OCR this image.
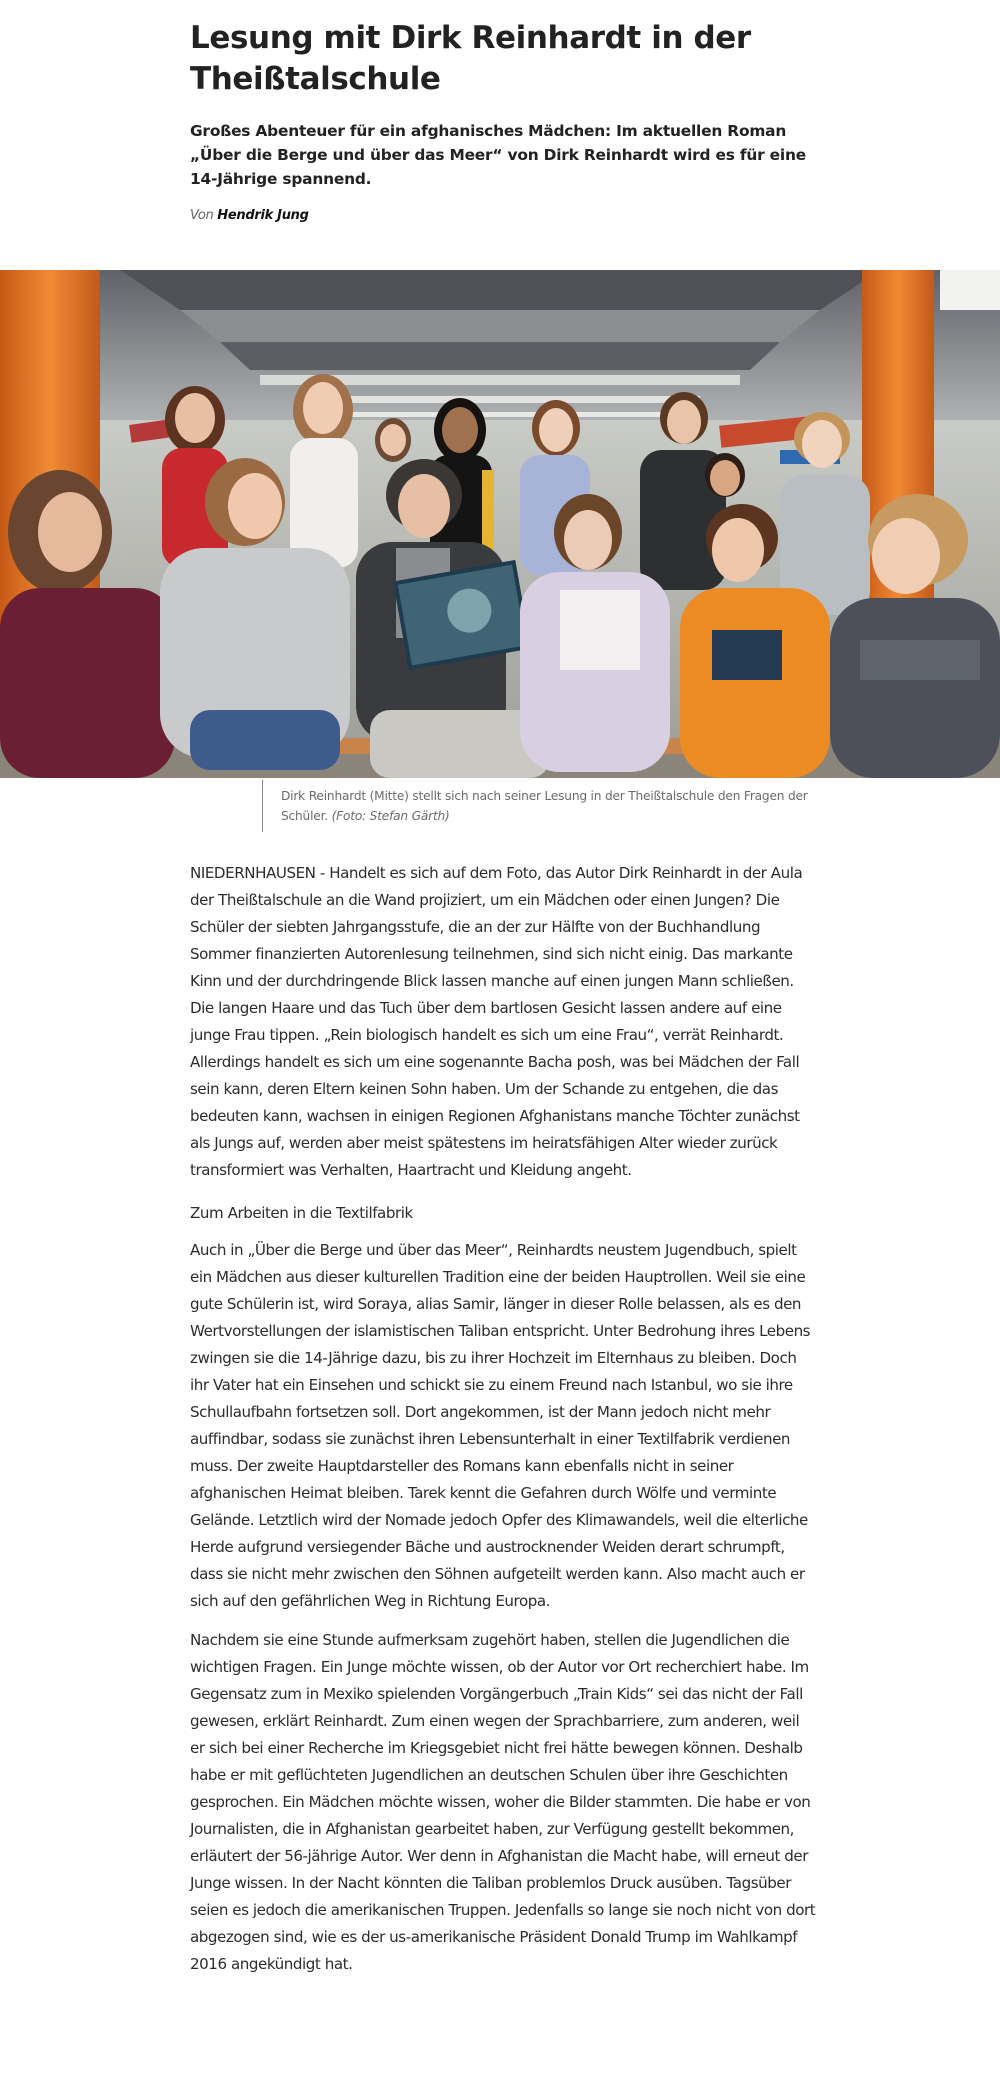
Lesung mit Dirk Reinhardt in der Theißtalschule

Großes Abenteuer für ein afghanisches Mädchen: Im aktuellen Roman „Über die Berge und über das Meer“ von Dirk Reinhardt wird es für eine 14-Jährige spannend.

Von Hendrik Jung

Dirk Reinhardt (Mitte) stellt sich nach seiner Lesung in der Theißtalschule den Fragen der Schüler. (Foto: Stefan Gärth)

NIEDERNHAUSEN - Handelt es sich auf dem Foto, das Autor Dirk Reinhardt in der Aula der Theißtalschule an die Wand projiziert, um ein Mädchen oder einen Jungen? Die Schüler der siebten Jahrgangsstufe, die an der zur Hälfte von der Buchhandlung Sommer finanzierten Autorenlesung teilnehmen, sind sich nicht einig. Das markante Kinn und der durchdringende Blick lassen manche auf einen jungen Mann schließen. Die langen Haare und das Tuch über dem bartlosen Gesicht lassen andere auf eine junge Frau tippen. „Rein biologisch handelt es sich um eine Frau“, verrät Reinhardt. Allerdings handelt es sich um eine sogenannte Bacha posh, was bei Mädchen der Fall sein kann, deren Eltern keinen Sohn haben. Um der Schande zu entgehen, die das bedeuten kann, wachsen in einigen Regionen Afghanistans manche Töchter zunächst als Jungs auf, werden aber meist spätestens im heiratsfähigen Alter wieder zurück transformiert was Verhalten, Haartracht und Kleidung angeht.

Zum Arbeiten in die Textilfabrik

Auch in „Über die Berge und über das Meer“, Reinhardts neustem Jugendbuch, spielt ein Mädchen aus dieser kulturellen Tradition eine der beiden Hauptrollen. Weil sie eine gute Schülerin ist, wird Soraya, alias Samir, länger in dieser Rolle belassen, als es den Wertvorstellungen der islamistischen Taliban entspricht. Unter Bedrohung ihres Lebens zwingen sie die 14-Jährige dazu, bis zu ihrer Hochzeit im Elternhaus zu bleiben. Doch ihr Vater hat ein Einsehen und schickt sie zu einem Freund nach Istanbul, wo sie ihre Schullaufbahn fortsetzen soll. Dort angekommen, ist der Mann jedoch nicht mehr auffindbar, sodass sie zunächst ihren Lebensunterhalt in einer Textilfabrik verdienen muss. Der zweite Hauptdarsteller des Romans kann ebenfalls nicht in seiner afghanischen Heimat bleiben. Tarek kennt die Gefahren durch Wölfe und verminte Gelände. Letztlich wird der Nomade jedoch Opfer des Klimawandels, weil die elterliche Herde aufgrund versiegender Bäche und austrocknender Weiden derart schrumpft, dass sie nicht mehr zwischen den Söhnen aufgeteilt werden kann. Also macht auch er sich auf den gefährlichen Weg in Richtung Europa.

Nachdem sie eine Stunde aufmerksam zugehört haben, stellen die Jugendlichen die wichtigen Fragen. Ein Junge möchte wissen, ob der Autor vor Ort recherchiert habe. Im Gegensatz zum in Mexiko spielenden Vorgängerbuch „Train Kids“ sei das nicht der Fall gewesen, erklärt Reinhardt. Zum einen wegen der Sprachbarriere, zum anderen, weil er sich bei einer Recherche im Kriegsgebiet nicht frei hätte bewegen können. Deshalb habe er mit geflüchteten Jugendlichen an deutschen Schulen über ihre Geschichten gesprochen. Ein Mädchen möchte wissen, woher die Bilder stammten. Die habe er von Journalisten, die in Afghanistan gearbeitet haben, zur Verfügung gestellt bekommen, erläutert der 56-jährige Autor. Wer denn in Afghanistan die Macht habe, will erneut der Junge wissen. In der Nacht könnten die Taliban problemlos Druck ausüben. Tagsüber seien es jedoch die amerikanischen Truppen. Jedenfalls so lange sie noch nicht von dort abgezogen sind, wie es der us-amerikanische Präsident Donald Trump im Wahlkampf 2016 angekündigt hat.
